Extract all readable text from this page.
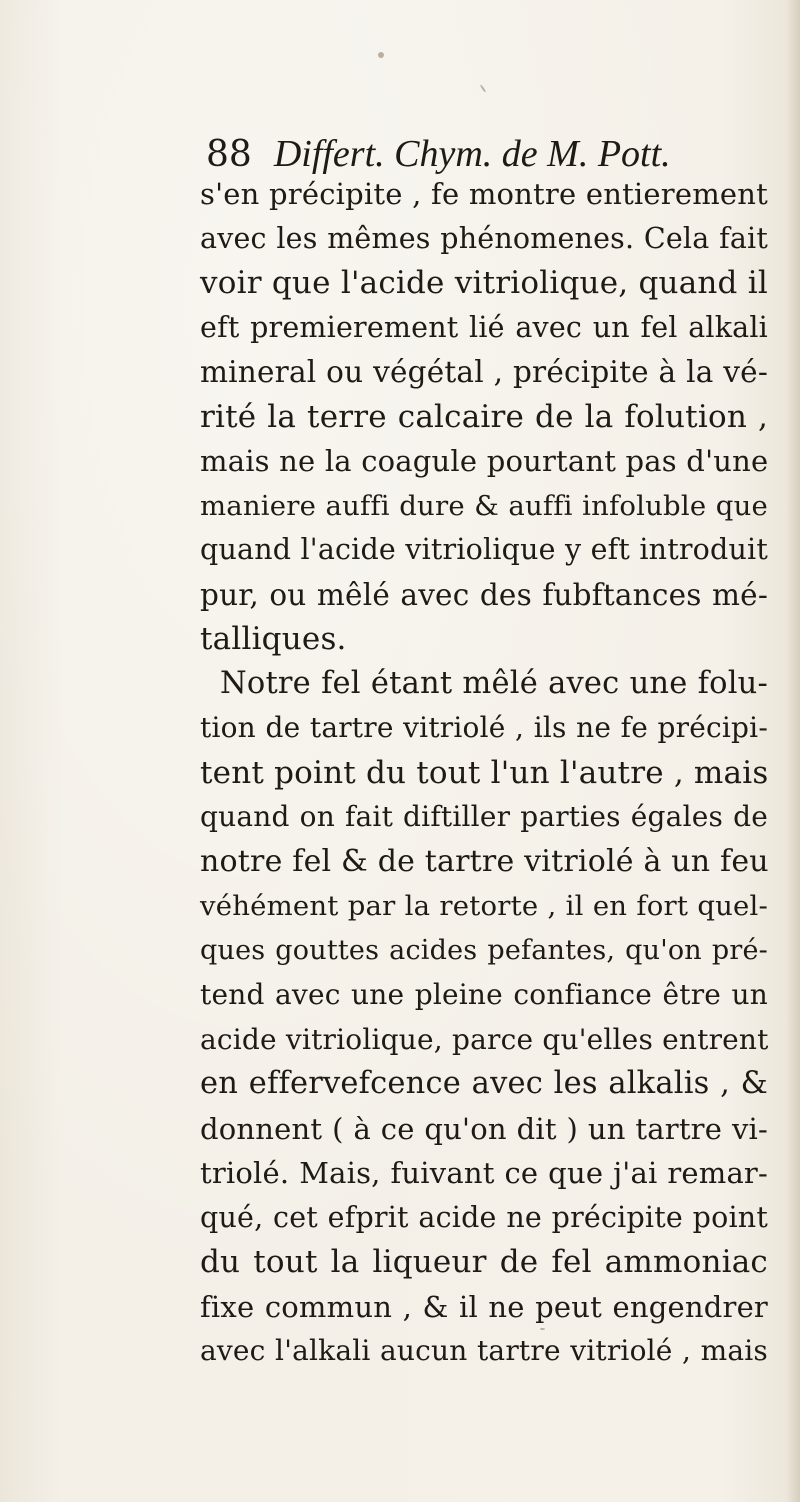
88 Differt. Chym. de M. Pott.
s'en précipite , fe montre entierement
avec les mêmes phénomenes. Cela fait
voir que l'acide vitriolique, quand il
eft premierement lié avec un fel alkali
mineral ou végétal , précipite à la vé-
rité la terre calcaire de la folution ,
mais ne la coagule pourtant pas d'une
maniere auffi dure & auffi infoluble que
quand l'acide vitriolique y eft introduit
pur, ou mêlé avec des fubftances mé-
talliques.
Notre fel étant mêlé avec une folu-
tion de tartre vitriolé , ils ne fe précipi-
tent point du tout l'un l'autre , mais
quand on fait diftiller parties égales de
notre fel & de tartre vitriolé à un feu
véhément par la retorte , il en fort quel-
ques gouttes acides pefantes, qu'on pré-
tend avec une pleine confiance être un
acide vitriolique, parce qu'elles entrent
en effervefcence avec les alkalis , &
donnent ( à ce qu'on dit ) un tartre vi-
triolé. Mais, fuivant ce que j'ai remar-
qué, cet efprit acide ne précipite point
du tout la liqueur de fel ammoniac
fixe commun , & il ne peut engendrer
avec l'alkali aucun tartre vitriolé , mais
